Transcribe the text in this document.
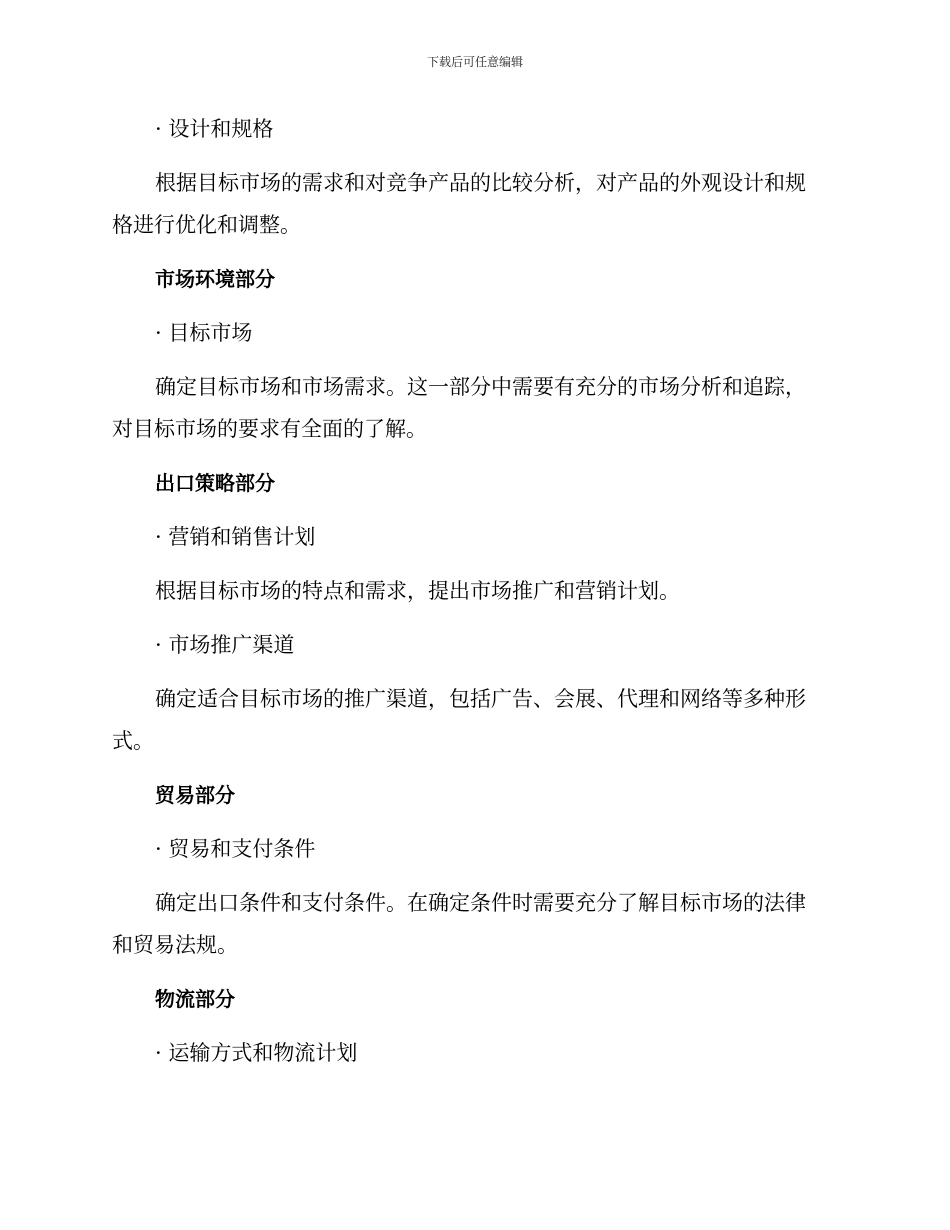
下载后可任意编辑
· 设计和规格
根据目标市场的需求和对竞争产品的比较分析，对产品的外观设计和规
格进行优化和调整。
市场环境部分
· 目标市场
确定目标市场和市场需求。这一部分中需要有充分的市场分析和追踪，
对目标市场的要求有全面的了解。
出口策略部分
· 营销和销售计划
根据目标市场的特点和需求，提出市场推广和营销计划。
· 市场推广渠道
确定适合目标市场的推广渠道，包括广告、会展、代理和网络等多种形
式。
贸易部分
· 贸易和支付条件
确定出口条件和支付条件。在确定条件时需要充分了解目标市场的法律
和贸易法规。
物流部分
· 运输方式和物流计划
